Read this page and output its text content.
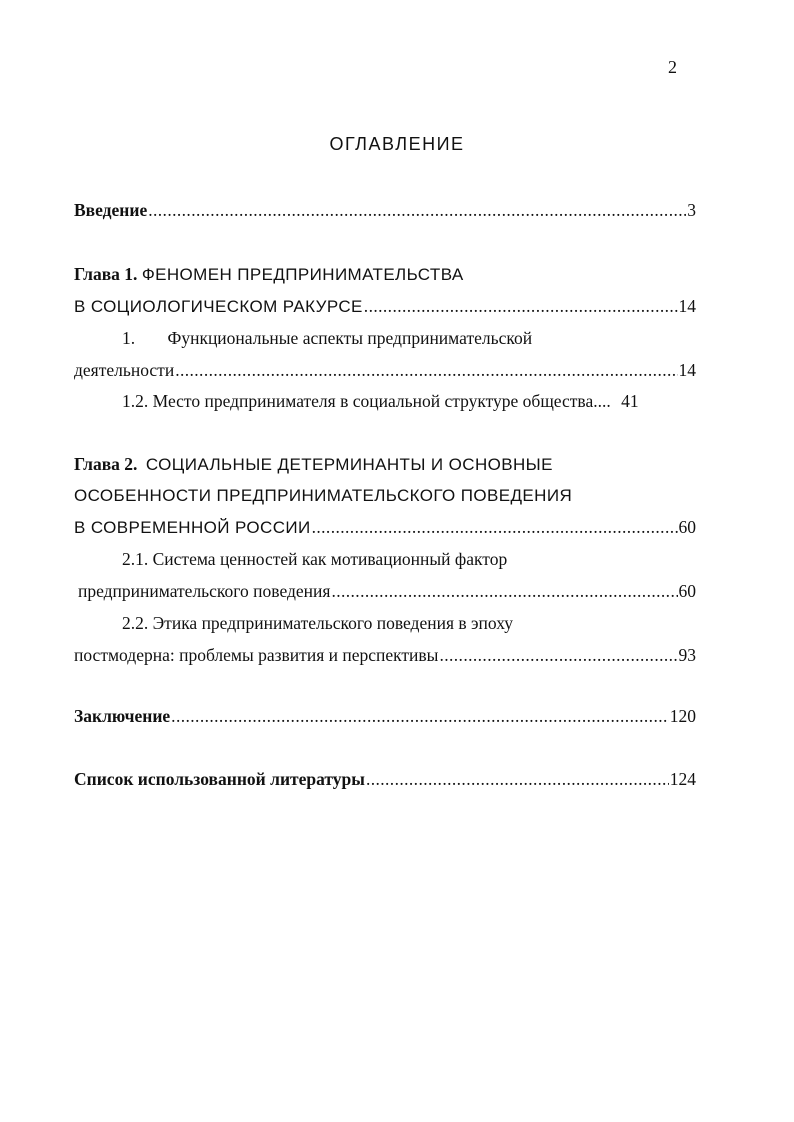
2
ОГЛАВЛЕНИЕ
Введение .....	3
Глава 1. ФЕНОМЕН ПРЕДПРИНИМАТЕЛЬСТВА
В СОЦИОЛОГИЧЕСКОМ РАКУРСЕ .....	14
1. Функциональные аспекты предпринимательской
деятельности .....	14
1.2. Место предпринимателя в социальной структуре общества.... 41
Глава 2. СОЦИАЛЬНЫЕ ДЕТЕРМИНАНТЫ И ОСНОВНЫЕ
ОСОБЕННОСТИ ПРЕДПРИНИМАТЕЛЬСКОГО ПОВЕДЕНИЯ
В СОВРЕМЕННОЙ РОССИИ .....	60
2.1. Система ценностей как мотивационный фактор
предпринимательского поведения .....	60
2.2. Этика предпринимательского поведения в эпоху
постмодерна: проблемы развития и перспективы .....	93
Заключение .....	120
Список использованной литературы .....	124
